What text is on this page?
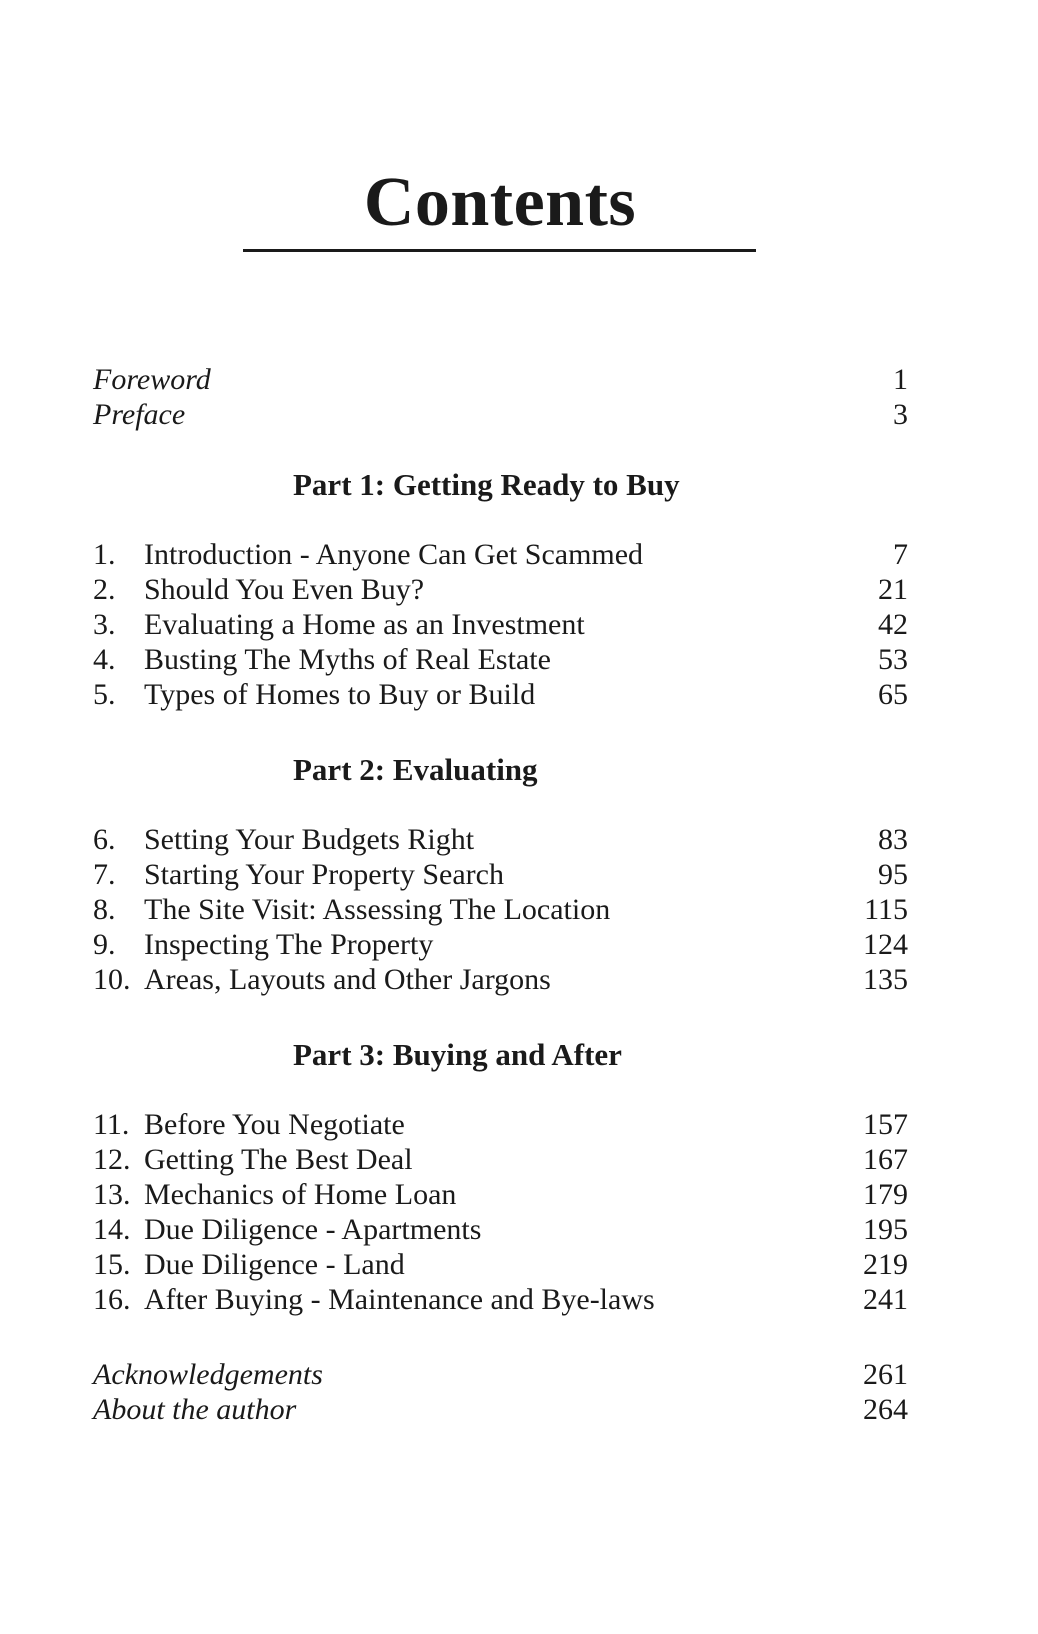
Contents
Foreword	1
Preface	3
Part 1: Getting Ready to Buy
1. Introduction - Anyone Can Get Scammed	7
2. Should You Even Buy?	21
3. Evaluating a Home as an Investment	42
4. Busting The Myths of Real Estate	53
5. Types of Homes to Buy or Build	65
Part 2: Evaluating
6. Setting Your Budgets Right	83
7. Starting Your Property Search	95
8. The Site Visit: Assessing The Location	115
9. Inspecting The Property	124
10. Areas, Layouts and Other Jargons	135
Part 3: Buying and After
11. Before You Negotiate	157
12. Getting The Best Deal	167
13. Mechanics of Home Loan	179
14. Due Diligence - Apartments	195
15. Due Diligence - Land	219
16. After Buying - Maintenance and Bye-laws	241
Acknowledgements	261
About the author	264
